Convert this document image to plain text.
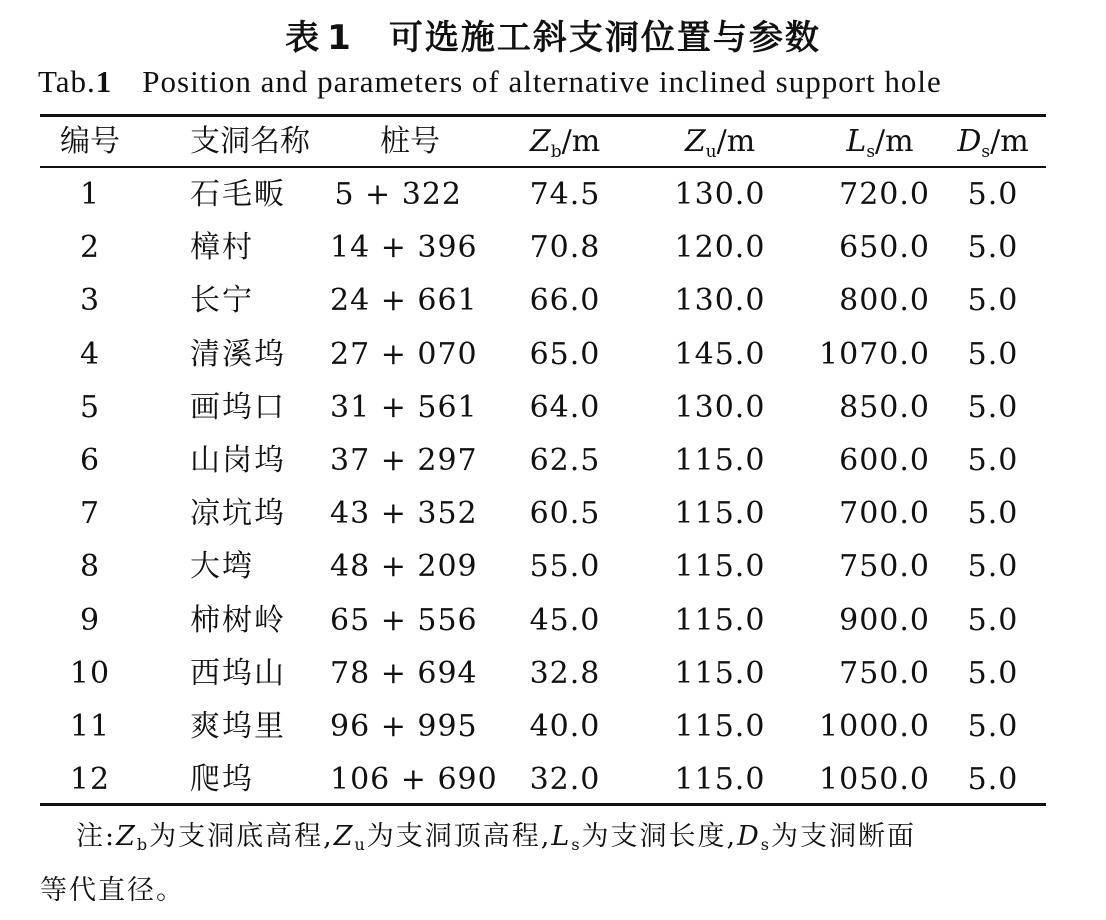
表 1 可选施工斜支洞位置与参数
Tab.1 Position and parameters of alternative inclined support hole
编号	支洞名称	桩号	$Z_b/m$	$Z_u/m$	$L_s/m$	$D_s/m$
1	石毛畈	5 + 322	74.5	130.0	720.0	5.0
2	樟村	14 + 396	70.8	120.0	650.0	5.0
3	长宁	24 + 661	66.0	130.0	800.0	5.0
4	清溪坞	27 + 070	65.0	145.0	1070.0	5.0
5	画坞口	31 + 561	64.0	130.0	850.0	5.0
6	山岗坞	37 + 297	62.5	115.0	600.0	5.0
7	凉坑坞	43 + 352	60.5	115.0	700.0	5.0
8	大塆	48 + 209	55.0	115.0	750.0	5.0
9	柿树岭	65 + 556	45.0	115.0	900.0	5.0
10	西坞山	78 + 694	32.8	115.0	750.0	5.0
11	爽坞里	96 + 995	40.0	115.0	1000.0	5.0
12	爬坞	106 + 690	32.0	115.0	1050.0	5.0
注$:Z_b$为支洞底高程$,Z_u$为支洞顶高程$,L_s$为支洞长度$,D_s$为支洞断面
等代直径。
